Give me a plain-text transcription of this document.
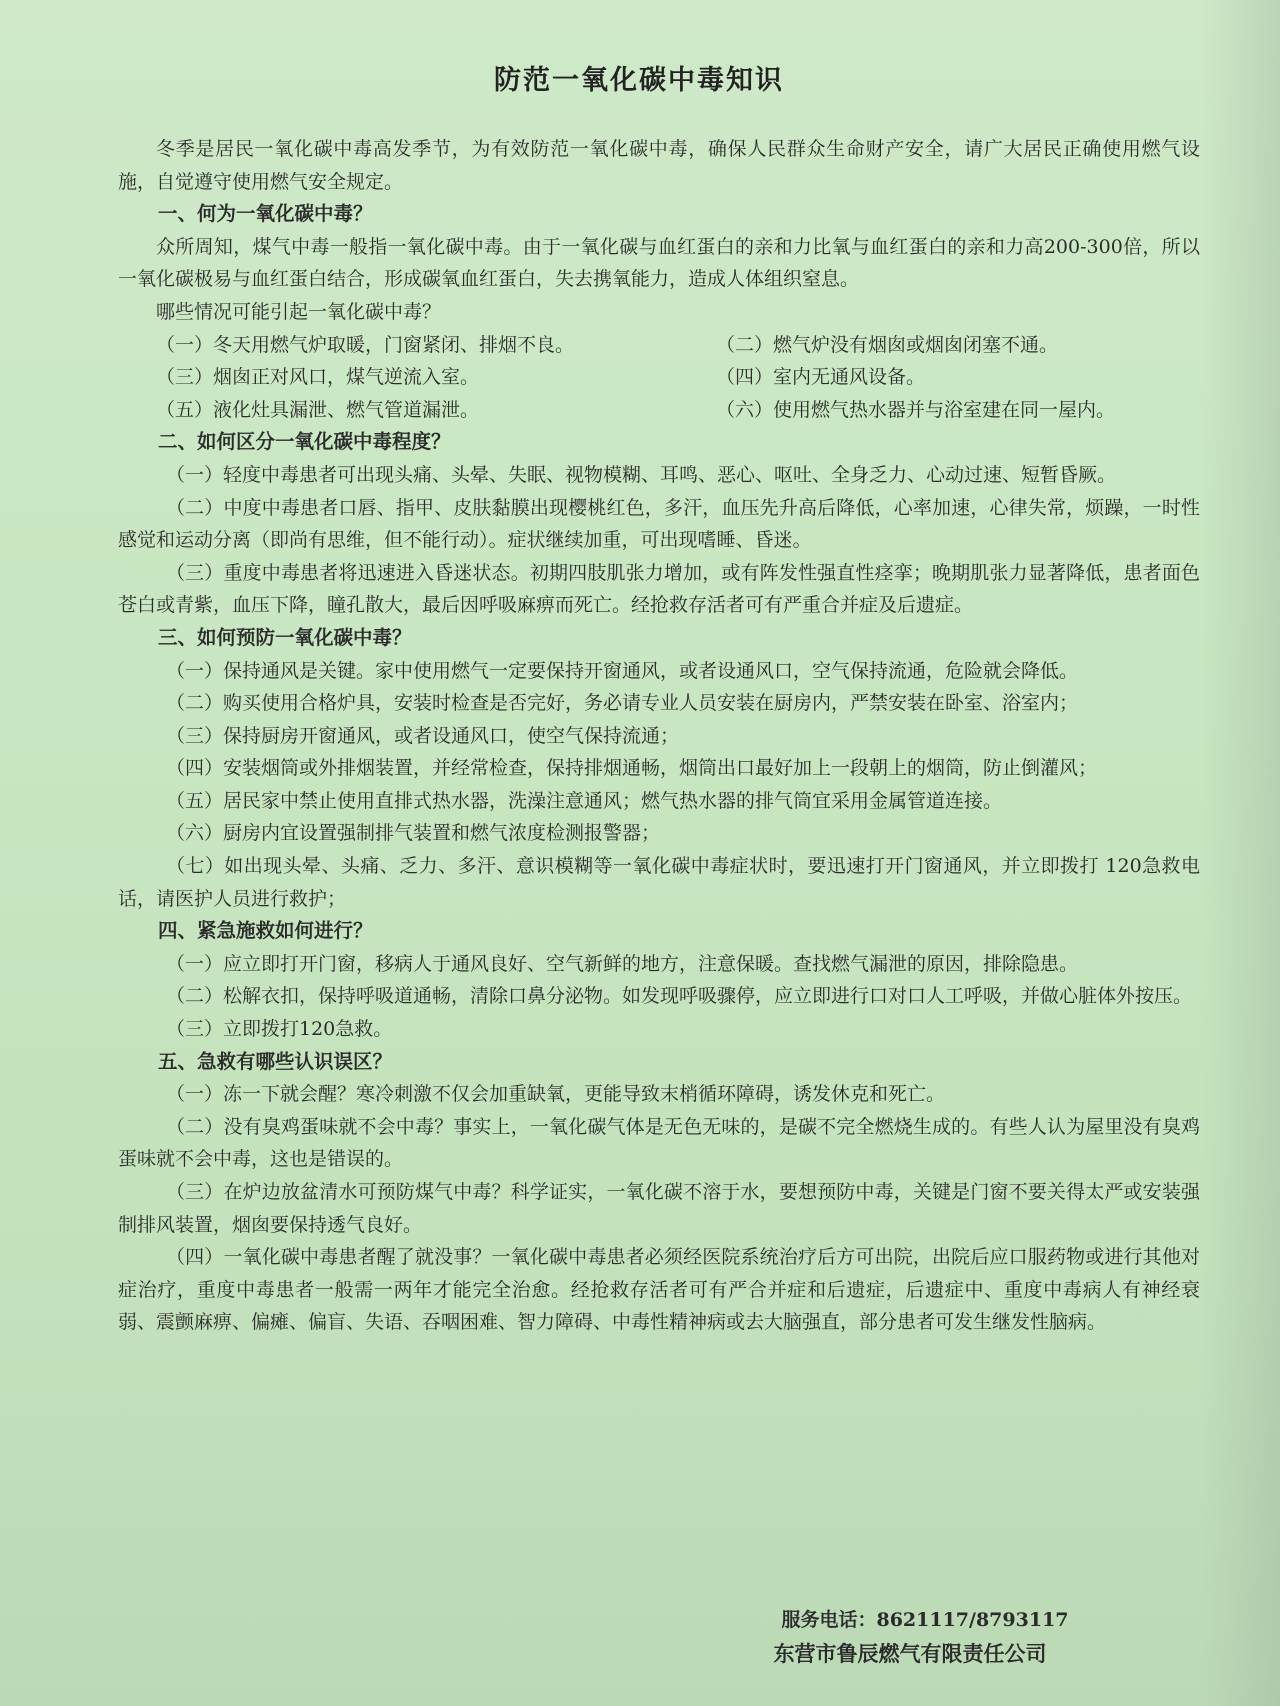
防范一氧化碳中毒知识

冬季是居民一氧化碳中毒高发季节，为有效防范一氧化碳中毒，确保人民群众生命财产安全，请广大居民正确使用燃气设施，自觉遵守使用燃气安全规定。

一、何为一氧化碳中毒？

众所周知，煤气中毒一般指一氧化碳中毒。由于一氧化碳与血红蛋白的亲和力比氧与血红蛋白的亲和力高200-300倍，所以一氧化碳极易与血红蛋白结合，形成碳氧血红蛋白，失去携氧能力，造成人体组织窒息。

哪些情况可能引起一氧化碳中毒？

（一）冬天用燃气炉取暖，门窗紧闭、排烟不良。	（二）燃气炉没有烟囱或烟囱闭塞不通。
（三）烟囱正对风口，煤气逆流入室。	（四）室内无通风设备。
（五）液化灶具漏泄、燃气管道漏泄。	（六）使用燃气热水器并与浴室建在同一屋内。

二、如何区分一氧化碳中毒程度？

（一）轻度中毒患者可出现头痛、头晕、失眠、视物模糊、耳鸣、恶心、呕吐、全身乏力、心动过速、短暂昏厥。

（二）中度中毒患者口唇、指甲、皮肤黏膜出现樱桃红色，多汗，血压先升高后降低，心率加速，心律失常，烦躁，一时性感觉和运动分离（即尚有思维，但不能行动）。症状继续加重，可出现嗜睡、昏迷。

（三）重度中毒患者将迅速进入昏迷状态。初期四肢肌张力增加，或有阵发性强直性痉挛；晚期肌张力显著降低，患者面色苍白或青紫，血压下降，瞳孔散大，最后因呼吸麻痹而死亡。经抢救存活者可有严重合并症及后遗症。

三、如何预防一氧化碳中毒？

（一）保持通风是关键。家中使用燃气一定要保持开窗通风，或者设通风口，空气保持流通，危险就会降低。

（二）购买使用合格炉具，安装时检查是否完好，务必请专业人员安装在厨房内，严禁安装在卧室、浴室内；

（三）保持厨房开窗通风，或者设通风口，使空气保持流通；

（四）安装烟筒或外排烟装置，并经常检查，保持排烟通畅，烟筒出口最好加上一段朝上的烟筒，防止倒灌风；

（五）居民家中禁止使用直排式热水器，洗澡注意通风；燃气热水器的排气筒宜采用金属管道连接。

（六）厨房内宜设置强制排气装置和燃气浓度检测报警器；

（七）如出现头晕、头痛、乏力、多汗、意识模糊等一氧化碳中毒症状时，要迅速打开门窗通风，并立即拨打 120急救电话，请医护人员进行救护；

四、紧急施救如何进行？

（一）应立即打开门窗，移病人于通风良好、空气新鲜的地方，注意保暖。查找燃气漏泄的原因，排除隐患。

（二）松解衣扣，保持呼吸道通畅，清除口鼻分泌物。如发现呼吸骤停，应立即进行口对口人工呼吸，并做心脏体外按压。

（三）立即拨打120急救。

五、急救有哪些认识误区？

（一）冻一下就会醒？寒冷刺激不仅会加重缺氧，更能导致末梢循环障碍，诱发休克和死亡。

（二）没有臭鸡蛋味就不会中毒？事实上，一氧化碳气体是无色无味的，是碳不完全燃烧生成的。有些人认为屋里没有臭鸡蛋味就不会中毒，这也是错误的。

（三）在炉边放盆清水可预防煤气中毒？科学证实，一氧化碳不溶于水，要想预防中毒，关键是门窗不要关得太严或安装强制排风装置，烟囱要保持透气良好。

（四）一氧化碳中毒患者醒了就没事？一氧化碳中毒患者必须经医院系统治疗后方可出院，出院后应口服药物或进行其他对症治疗，重度中毒患者一般需一两年才能完全治愈。经抢救存活者可有严合并症和后遗症，后遗症中、重度中毒病人有神经衰弱、震颤麻痹、偏瘫、偏盲、失语、吞咽困难、智力障碍、中毒性精神病或去大脑强直，部分患者可发生继发性脑病。

服务电话：8621117/8793117
东营市鲁辰燃气有限责任公司
